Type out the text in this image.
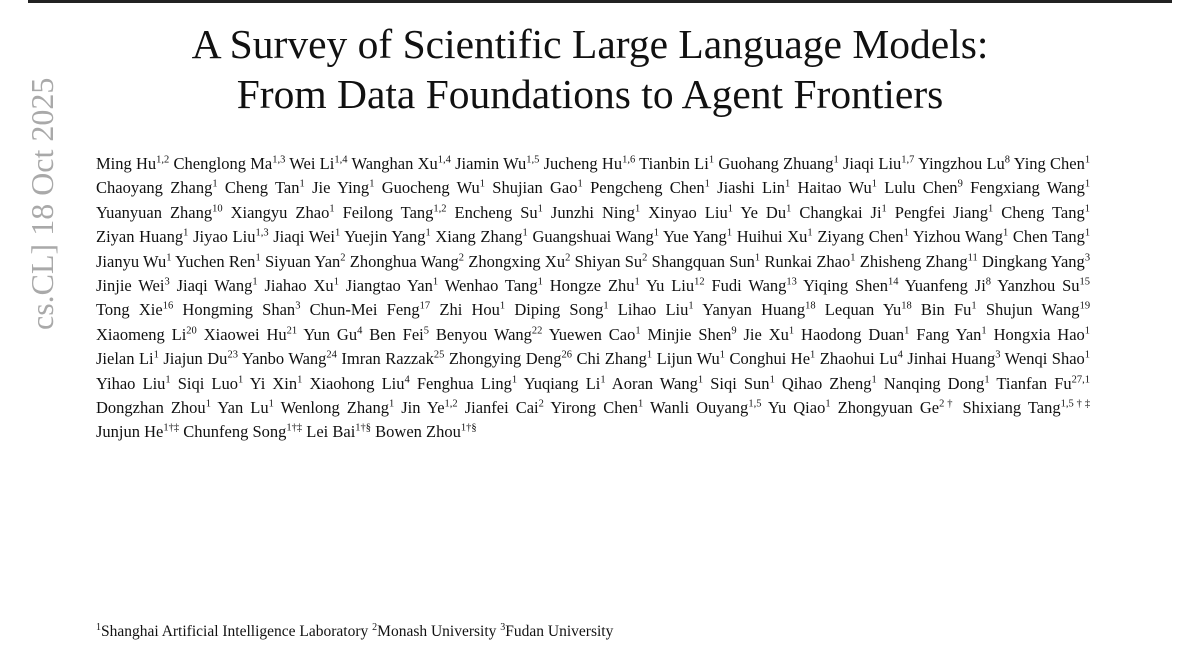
cs.CL] 18 Oct 2025
A Survey of Scientific Large Language Models:
From Data Foundations to Agent Frontiers

Ming Hu$^{1,2}$ Chenglong Ma$^{1,3}$ Wei Li$^{1,4}$ Wanghan Xu$^{1,4}$ Jiamin Wu$^{1,5}$ Jucheng Hu$^{1,6}$ Tianbin Li$^1$ Guohang Zhuang$^1$ Jiaqi Liu$^{1,7}$ Yingzhou Lu$^8$ Ying Chen$^1$ Chaoyang Zhang$^1$ Cheng Tan$^1$ Jie Ying$^1$ Guocheng Wu$^1$ Shujian Gao$^1$ Pengcheng Chen$^1$ Jiashi Lin$^1$ Haitao Wu$^1$ Lulu Chen$^9$ Fengxiang Wang$^1$ Yuanyuan Zhang$^{10}$ Xiangyu Zhao$^1$ Feilong Tang$^{1,2}$ Encheng Su$^1$ Junzhi Ning$^1$ Xinyao Liu$^1$ Ye Du$^1$ Changkai Ji$^1$ Pengfei Jiang$^1$ Cheng Tang$^1$ Ziyan Huang$^1$ Jiyao Liu$^{1,3}$ Jiaqi Wei$^1$ Yuejin Yang$^1$ Xiang Zhang$^1$ Guangshuai Wang$^1$ Yue Yang$^1$ Huihui Xu$^1$ Ziyang Chen$^1$ Yizhou Wang$^1$ Chen Tang$^1$ Jianyu Wu$^1$ Yuchen Ren$^1$ Siyuan Yan$^2$ Zhonghua Wang$^2$ Zhongxing Xu$^2$ Shiyan Su$^2$ Shangquan Sun$^1$ Runkai Zhao$^1$ Zhisheng Zhang$^{11}$ Dingkang Yang$^3$ Jinjie Wei$^3$ Jiaqi Wang$^1$ Jiahao Xu$^1$ Jiangtao Yan$^1$ Wenhao Tang$^1$ Hongze Zhu$^1$ Yu Liu$^{12}$ Fudi Wang$^{13}$ Yiqing Shen$^{14}$ Yuanfeng Ji$^8$ Yanzhou Su$^{15}$ Tong Xie$^{16}$ Hongming Shan$^3$ Chun-Mei Feng$^{17}$ Zhi Hou$^1$ Diping Song$^1$ Lihao Liu$^1$ Yanyan Huang$^{18}$ Lequan Yu$^{18}$ Bin Fu$^1$ Shujun Wang$^{19}$ Xiaomeng Li$^{20}$ Xiaowei Hu$^{21}$ Yun Gu$^4$ Ben Fei$^5$ Benyou Wang$^{22}$ Yuewen Cao$^1$ Minjie Shen$^9$ Jie Xu$^1$ Haodong Duan$^1$ Fang Yan$^1$ Hongxia Hao$^1$ Jielan Li$^1$ Jiajun Du$^{23}$ Yanbo Wang$^{24}$ Imran Razzak$^{25}$ Zhongying Deng$^{26}$ Chi Zhang$^1$ Lijun Wu$^1$ Conghui He$^1$ Zhaohui Lu$^4$ Jinhai Huang$^3$ Wenqi Shao$^1$ Yihao Liu$^1$ Siqi Luo$^1$ Yi Xin$^1$ Xiaohong Liu$^4$ Fenghua Ling$^1$ Yuqiang Li$^1$ Aoran Wang$^1$ Siqi Sun$^1$ Qihao Zheng$^1$ Nanqing Dong$^1$ Tianfan Fu$^{27,1}$ Dongzhan Zhou$^1$ Yan Lu$^1$ Wenlong Zhang$^1$ Jin Ye$^{1,2}$ Jianfei Cai$^2$ Yirong Chen$^1$ Wanli Ouyang$^{1,5}$ Yu Qiao$^1$ Zhongyuan $Ge^{2\dagger}$ Shixiang Tang$^{1,5\dagger\ddagger}$ Junjun $He^{1\dagger\ddagger}$ Chunfeng Song$^{1\dagger\ddagger}$ Lei Bai$^{1\dagger\S}$ Bowen Zhou$^{1\dagger\S}$

$^1$Shanghai Artificial Intelligence Laboratory $^2$Monash University $^3$Fudan University
